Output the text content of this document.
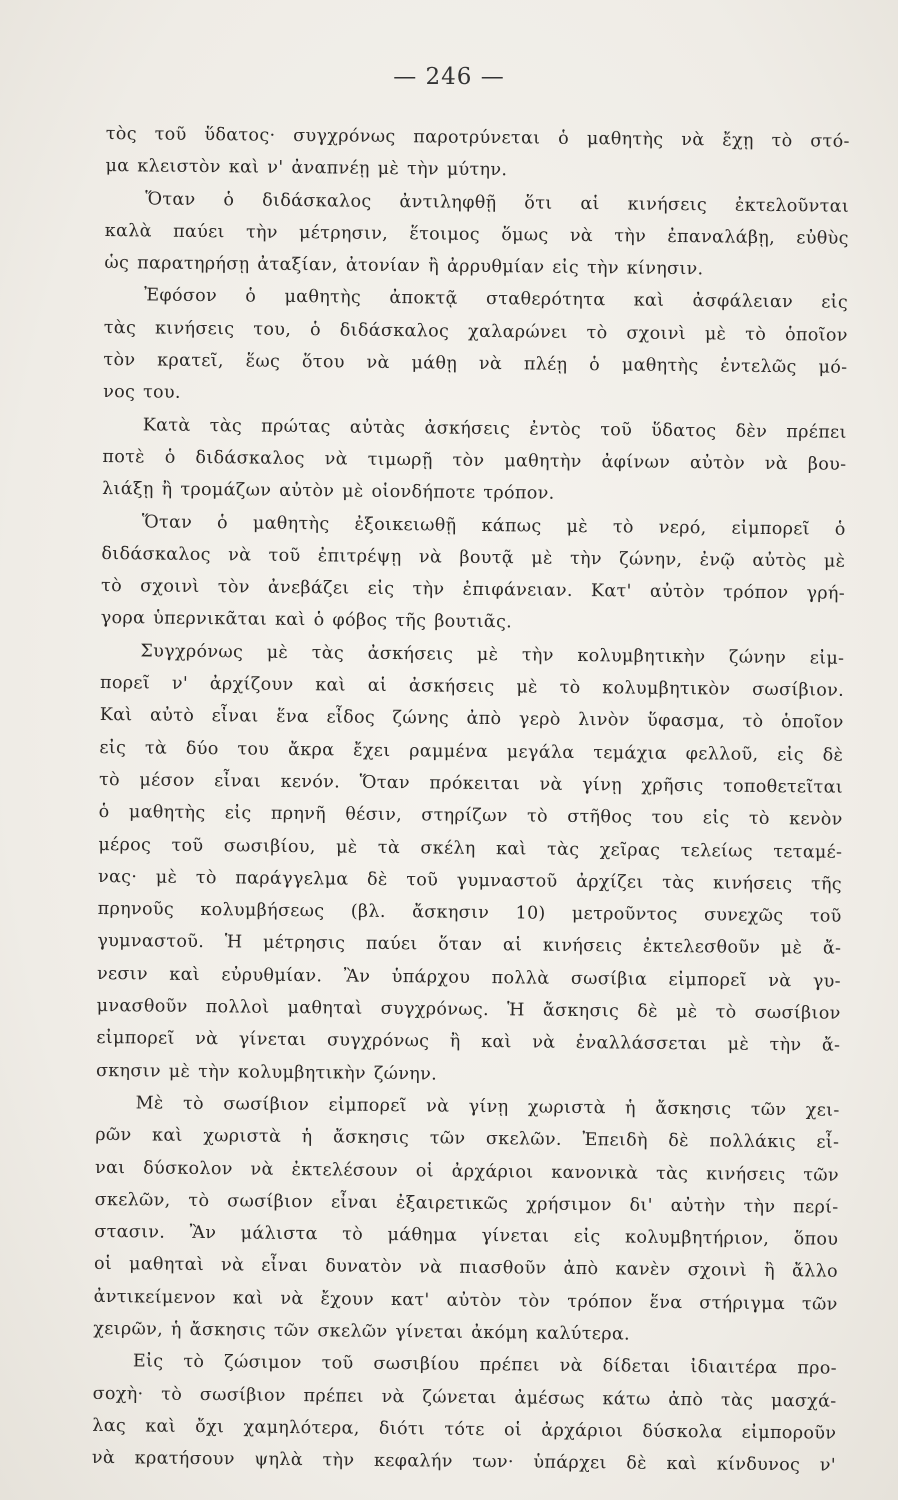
— 246 —
τὸς τοῦ ὕδατος· συγχρόνως παροτρύνεται ὁ μαθητὴς νὰ ἔχῃ τὸ στό-
μα κλειστὸν καὶ ν' ἀναπνέῃ μὲ τὴν μύτην.
Ὅταν ὁ διδάσκαλος ἀντιληφθῇ ὅτι αἱ κινήσεις ἐκτελοῦνται
καλὰ παύει τὴν μέτρησιν, ἕτοιμος ὅμως νὰ τὴν ἐπαναλάβῃ, εὐθὺς
ὡς παρατηρήσῃ ἀταξίαν, ἀτονίαν ἢ ἀρρυθμίαν εἰς τὴν κίνησιν.
Ἐφόσον ὁ μαθητὴς ἀποκτᾷ σταθερότητα καὶ ἀσφάλειαν εἰς
τὰς κινήσεις του, ὁ διδάσκαλος χαλαρώνει τὸ σχοινὶ μὲ τὸ ὁποῖον
τὸν κρατεῖ, ἕως ὅτου νὰ μάθῃ νὰ πλέῃ ὁ μαθητὴς ἐντελῶς μό-
νος του.
Κατὰ τὰς πρώτας αὐτὰς ἀσκήσεις ἐντὸς τοῦ ὕδατος δὲν πρέπει
ποτὲ ὁ διδάσκαλος νὰ τιμωρῇ τὸν μαθητὴν ἀφίνων αὐτὸν νὰ βου-
λιάξῃ ἢ τρομάζων αὐτὸν μὲ οἱονδήποτε τρόπον.
Ὅταν ὁ μαθητὴς ἐξοικειωθῇ κάπως μὲ τὸ νερό, εἰμπορεῖ ὁ
διδάσκαλος νὰ τοῦ ἐπιτρέψῃ νὰ βουτᾷ μὲ τὴν ζώνην, ἐνῷ αὐτὸς μὲ
τὸ σχοινὶ τὸν ἀνεβάζει εἰς τὴν ἐπιφάνειαν. Κατ' αὐτὸν τρόπον γρή-
γορα ὑπερνικᾶται καὶ ὁ φόβος τῆς βουτιᾶς.
Συγχρόνως μὲ τὰς ἀσκήσεις μὲ τὴν κολυμβητικὴν ζώνην εἰμ-
πορεῖ ν' ἀρχίζουν καὶ αἱ ἀσκήσεις μὲ τὸ κολυμβητικὸν σωσίβιον.
Καὶ αὐτὸ εἶναι ἕνα εἶδος ζώνης ἀπὸ γερὸ λινὸν ὕφασμα, τὸ ὁποῖον
εἰς τὰ δύο του ἄκρα ἔχει ραμμένα μεγάλα τεμάχια φελλοῦ, εἰς δὲ
τὸ μέσον εἶναι κενόν. Ὅταν πρόκειται νὰ γίνῃ χρῆσις τοποθετεῖται
ὁ μαθητὴς εἰς πρηνῆ θέσιν, στηρίζων τὸ στῆθος του εἰς τὸ κενὸν
μέρος τοῦ σωσιβίου, μὲ τὰ σκέλη καὶ τὰς χεῖρας τελείως τεταμέ-
νας· μὲ τὸ παράγγελμα δὲ τοῦ γυμναστοῦ ἀρχίζει τὰς κινήσεις τῆς
πρηνοῦς κολυμβήσεως (βλ. ἄσκησιν 10) μετροῦντος συνεχῶς τοῦ
γυμναστοῦ. Ἡ μέτρησις παύει ὅταν αἱ κινήσεις ἐκτελεσθοῦν μὲ ἄ-
νεσιν καὶ εὐρυθμίαν. Ἂν ὑπάρχου πολλὰ σωσίβια εἰμπορεῖ νὰ γυ-
μνασθοῦν πολλοὶ μαθηταὶ συγχρόνως. Ἡ ἄσκησις δὲ μὲ τὸ σωσίβιον
εἰμπορεῖ νὰ γίνεται συγχρόνως ἢ καὶ νὰ ἐναλλάσσεται μὲ τὴν ἄ-
σκησιν μὲ τὴν κολυμβητικὴν ζώνην.
Μὲ τὸ σωσίβιον εἰμπορεῖ νὰ γίνῃ χωριστὰ ἡ ἄσκησις τῶν χει-
ρῶν καὶ χωριστὰ ἡ ἄσκησις τῶν σκελῶν. Ἐπειδὴ δὲ πολλάκις εἶ-
ναι δύσκολον νὰ ἐκτελέσουν οἱ ἀρχάριοι κανονικὰ τὰς κινήσεις τῶν
σκελῶν, τὸ σωσίβιον εἶναι ἐξαιρετικῶς χρήσιμον δι' αὐτὴν τὴν περί-
στασιν. Ἂν μάλιστα τὸ μάθημα γίνεται εἰς κολυμβητήριον, ὅπου
οἱ μαθηταὶ νὰ εἶναι δυνατὸν νὰ πιασθοῦν ἀπὸ κανὲν σχοινὶ ἢ ἄλλο
ἀντικείμενον καὶ νὰ ἔχουν κατ' αὐτὸν τὸν τρόπον ἕνα στήριγμα τῶν
χειρῶν, ἡ ἄσκησις τῶν σκελῶν γίνεται ἀκόμη καλύτερα.
Εἰς τὸ ζώσιμον τοῦ σωσιβίου πρέπει νὰ δίδεται ἰδιαιτέρα προ-
σοχὴ· τὸ σωσίβιον πρέπει νὰ ζώνεται ἀμέσως κάτω ἀπὸ τὰς μασχά-
λας καὶ ὄχι χαμηλότερα, διότι τότε οἱ ἀρχάριοι δύσκολα εἰμποροῦν
νὰ κρατήσουν ψηλὰ τὴν κεφαλήν των· ὑπάρχει δὲ καὶ κίνδυνος ν'
